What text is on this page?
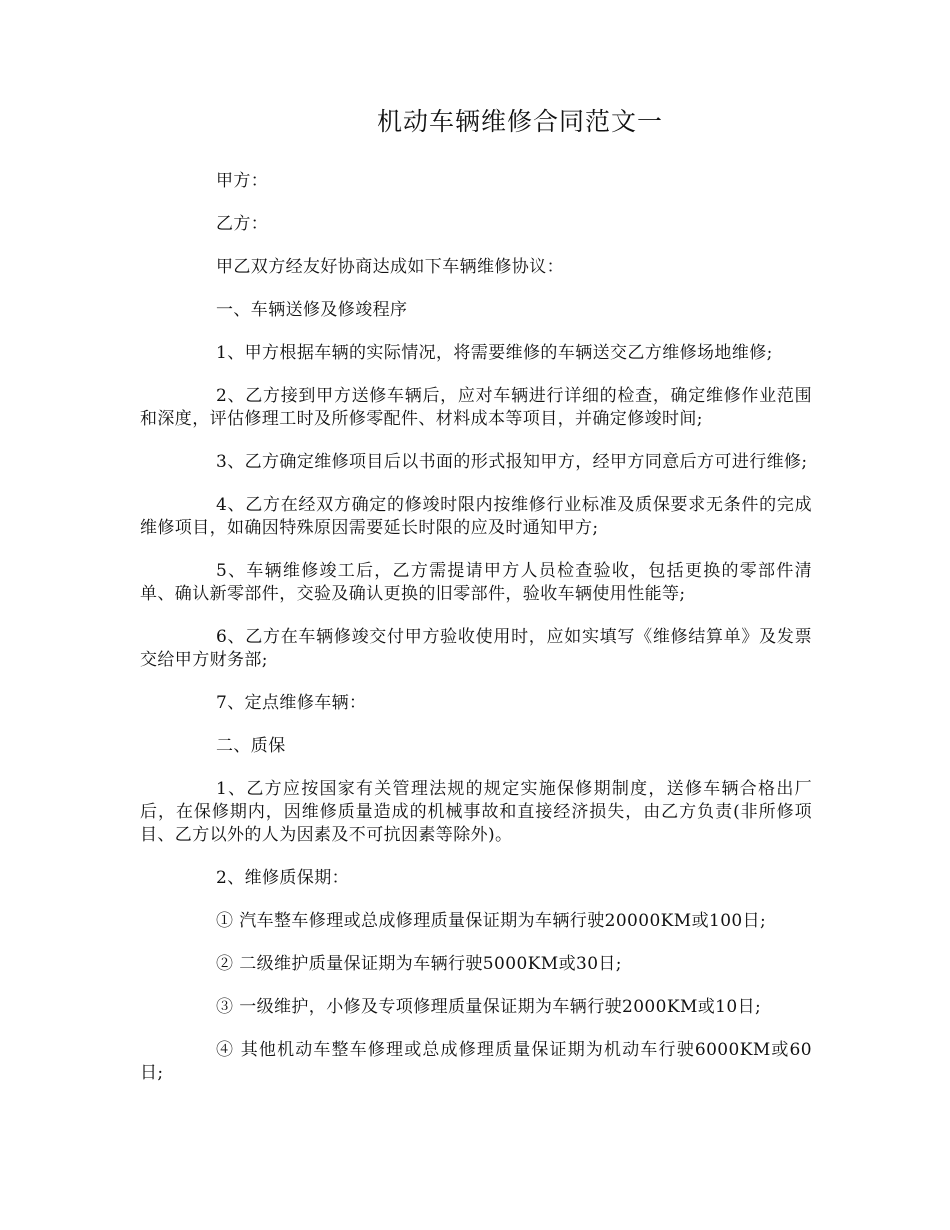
机动车辆维修合同范文一

甲方：

乙方：

甲乙双方经友好协商达成如下车辆维修协议：

一、车辆送修及修竣程序

1、甲方根据车辆的实际情况，将需要维修的车辆送交乙方维修场地维修;

2、乙方接到甲方送修车辆后，应对车辆进行详细的检查，确定维修作业范围和深度，评估修理工时及所修零配件、材料成本等项目，并确定修竣时间;

3、乙方确定维修项目后以书面的形式报知甲方，经甲方同意后方可进行维修;

4、乙方在经双方确定的修竣时限内按维修行业标准及质保要求无条件的完成维修项目，如确因特殊原因需要延长时限的应及时通知甲方;

5、车辆维修竣工后，乙方需提请甲方人员检查验收，包括更换的零部件清单、确认新零部件，交验及确认更换的旧零部件，验收车辆使用性能等;

6、乙方在车辆修竣交付甲方验收使用时，应如实填写《维修结算单》及发票交给甲方财务部;

7、定点维修车辆：

二、质保

1、乙方应按国家有关管理法规的规定实施保修期制度，送修车辆合格出厂后，在保修期内，因维修质量造成的机械事故和直接经济损失，由乙方负责(非所修项目、乙方以外的人为因素及不可抗因素等除外)。

2、维修质保期：

① 汽车整车修理或总成修理质量保证期为车辆行驶20000KM或100日;

② 二级维护质量保证期为车辆行驶5000KM或30日;

③ 一级维护，小修及专项修理质量保证期为车辆行驶2000KM或10日;

④ 其他机动车整车修理或总成修理质量保证期为机动车行驶6000KM或60日;
